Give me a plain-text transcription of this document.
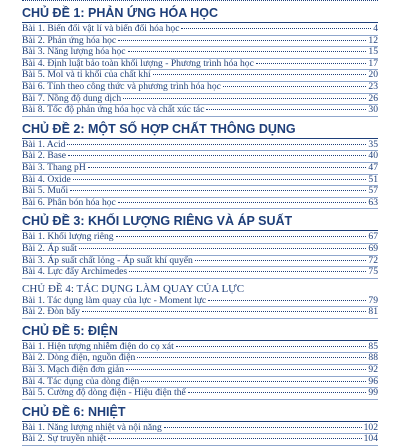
CHỦ ĐỀ 1: PHẢN ỨNG HÓA HỌC
Bài 1. Biến đổi vật lí và biến đổi hóa học	4
Bài 2. Phản ứng hóa học	12
Bài 3. Năng lượng hóa học	15
Bài 4. Định luật bảo toàn khối lượng - Phương trình hóa học	17
Bài 5. Mol và tỉ khối của chất khí	20
Bài 6. Tính theo công thức và phương trình hóa học	23
Bài 7. Nồng độ dung dịch	26
Bài 8. Tốc độ phản ứng hóa học và chất xúc tác	30
CHỦ ĐỀ 2: MỘT SỐ HỢP CHẤT THÔNG DỤNG
Bài 1. Acid	35
Bài 2. Base	40
Bài 3. Thang pH	47
Bài 4. Oxide	51
Bài 5. Muối	57
Bài 6. Phân bón hóa học	63
CHỦ ĐỀ 3: KHỐI LƯỢNG RIÊNG VÀ ÁP SUẤT
Bài 1. Khối lượng riêng	67
Bài 2. Áp suất	69
Bài 3. Áp suất chất lỏng - Áp suất khí quyển	72
Bài 4. Lực đẩy Archimedes	75
CHỦ ĐỀ 4: TÁC DỤNG LÀM QUAY CỦA LỰC
Bài 1. Tác dụng làm quay của lực - Moment lực	79
Bài 2. Đòn bẩy	81
CHỦ ĐỀ 5: ĐIỆN
Bài 1. Hiện tượng nhiễm điện do cọ xát	85
Bài 2. Dòng điện, nguồn điện	88
Bài 3. Mạch điện đơn giản	92
Bài 4. Tác dụng của dòng điện	96
Bài 5. Cường độ dòng điện - Hiệu điện thế	99
CHỦ ĐỀ 6: NHIỆT
Bài 1. Năng lượng nhiệt và nội năng	102
Bài 2. Sự truyền nhiệt	104
